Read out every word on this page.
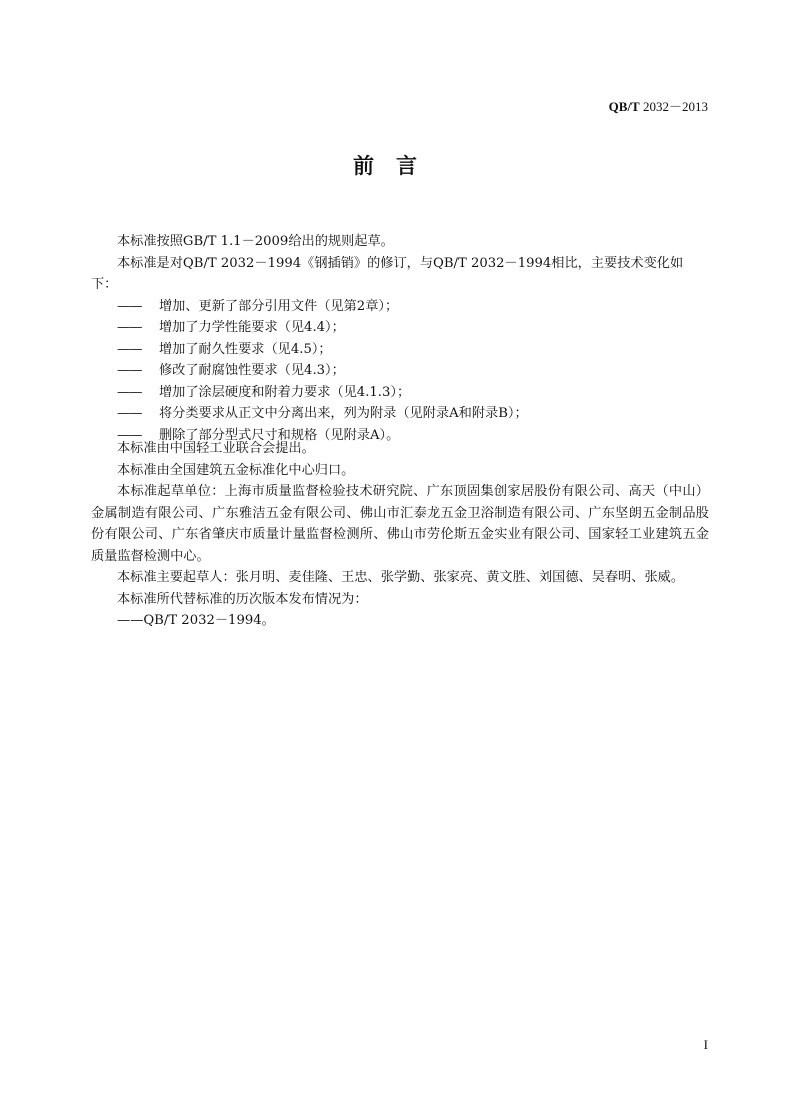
QB/T 2032－2013
前言

本标准按照GB/T 1.1－2009给出的规则起草。

本标准是对QB/T 2032－1994《钢插销》的修订，与QB/T 2032－1994相比，主要技术变化如下：

——	增加、更新了部分引用文件（见第2章）；
——	增加了力学性能要求（见4.4）；
——	增加了耐久性要求（见4.5）；
——	修改了耐腐蚀性要求（见4.3）；
——	增加了涂层硬度和附着力要求（见4.1.3）；
——	将分类要求从正文中分离出来，列为附录（见附录A和附录B）；
——	删除了部分型式尺寸和规格（见附录A）。

本标准由中国轻工业联合会提出。

本标准由全国建筑五金标准化中心归口。

本标准起草单位：上海市质量监督检验技术研究院、广东顶固集创家居股份有限公司、高天（中山）金属制造有限公司、广东雅洁五金有限公司、佛山市汇泰龙五金卫浴制造有限公司、广东坚朗五金制品股份有限公司、广东省肇庆市质量计量监督检测所、佛山市劳伦斯五金实业有限公司、国家轻工业建筑五金质量监督检测中心。

本标准主要起草人：张月明、麦佳隆、王忠、张学勤、张家亮、黄文胜、刘国德、吴春明、张威。

本标准所代替标准的历次版本发布情况为：

——QB/T 2032－1994。

I
